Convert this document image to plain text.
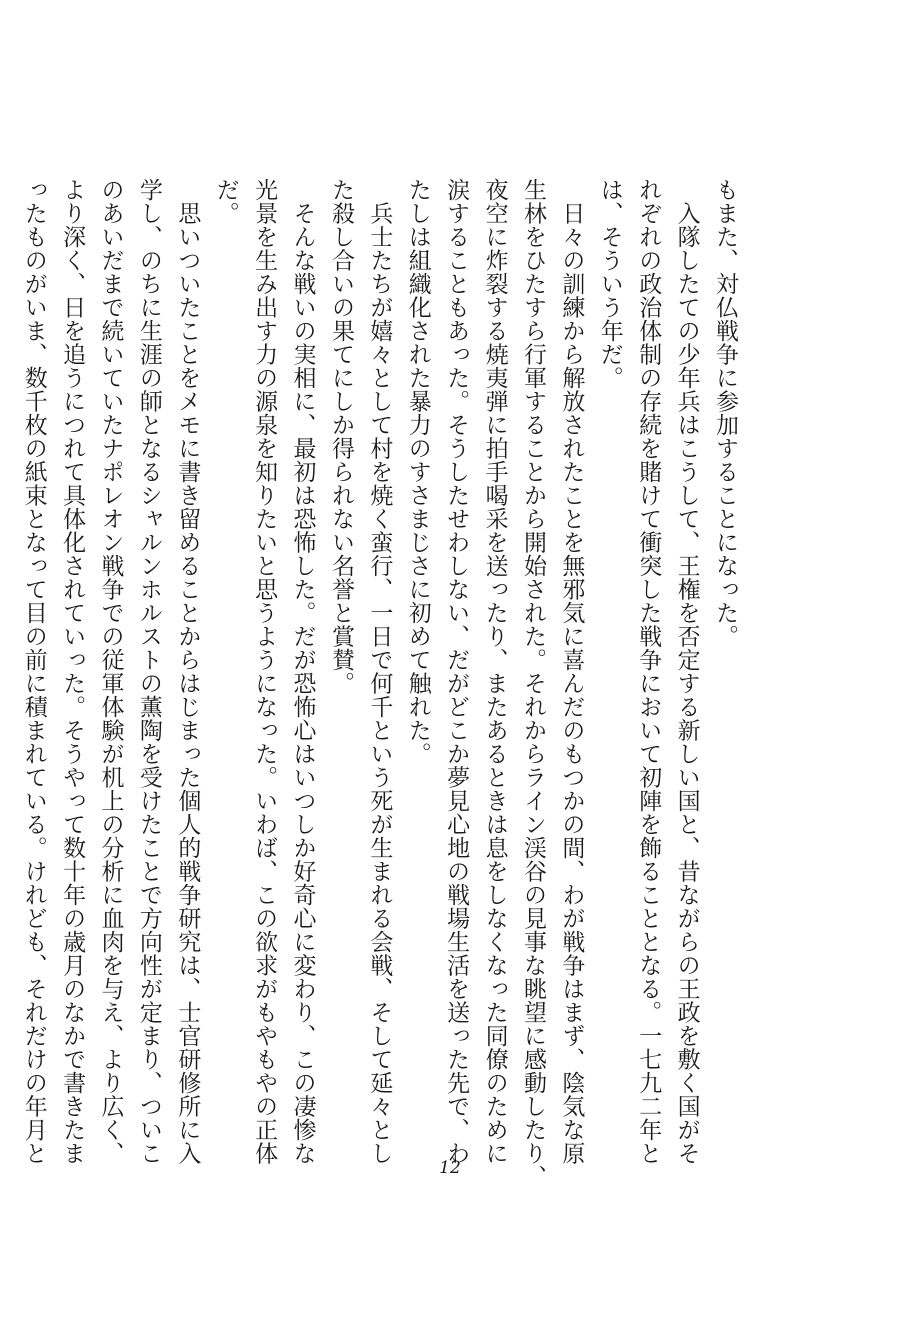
もまた、対仏戦争に参加することになった。

　入隊したての少年兵はこうして、王権を否定する新しい国と、昔ながらの王政を敷く国がそ

れぞれの政治体制の存続を賭けて衝突した戦争において初陣を飾ることとなる。一七九二年と

は、そういう年だ。

　日々の訓練から解放されたことを無邪気に喜んだのもつかの間、わが戦争はまず、陰気な原

生林をひたすら行軍することから開始された。それからライン渓谷の見事な眺望に感動したり、

夜空に炸裂する焼夷弾に拍手喝采を送ったり、またあるときは息をしなくなった同僚のために

涙することもあった。そうしたせわしない、だがどこか夢見心地の戦場生活を送った先で、わ

たしは組織化された暴力のすさまじさに初めて触れた。

　兵士たちが嬉々として村を焼く蛮行、一日で何千という死が生まれる会戦、そして延々とし

た殺し合いの果てにしか得られない名誉と賞賛。

　そんな戦いの実相に、最初は恐怖した。だが恐怖心はいつしか好奇心に変わり、この凄惨な

光景を生み出す力の源泉を知りたいと思うようになった。いわば、この欲求がもやもやの正体

だ。

　思いついたことをメモに書き留めることからはじまった個人的戦争研究は、士官研修所に入

学し、のちに生涯の師となるシャルンホルストの薫陶を受けたことで方向性が定まり、ついこ

のあいだまで続いていたナポレオン戦争での従軍体験が机上の分析に血肉を与え、より広く、

より深く、日を追うにつれて具体化されていった。そうやって数十年の歳月のなかで書きたま

ったものがいま、数千枚の紙束となって目の前に積まれている。けれども、それだけの年月と

12
